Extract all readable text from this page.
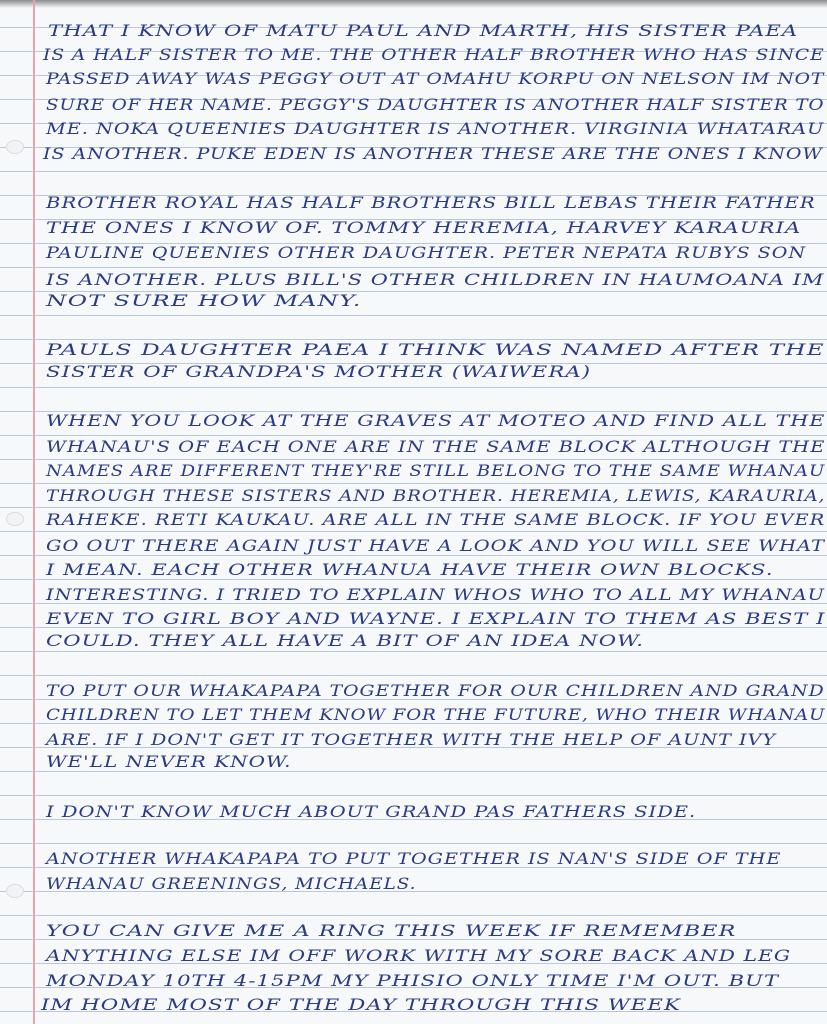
THAT I KNOW OF MATU PAUL AND MARTH, HIS SISTER PAEA
IS A HALF SISTER TO ME. THE OTHER HALF BROTHER WHO HAS SINCE
PASSED AWAY WAS PEGGY OUT AT OMAHU KORPU ON NELSON IM NOT
SURE OF HER NAME. PEGGY'S DAUGHTER IS ANOTHER HALF SISTER TO
ME. NOKA QUEENIES DAUGHTER IS ANOTHER. VIRGINIA WHATARAU
IS ANOTHER. PUKE EDEN IS ANOTHER THESE ARE THE ONES I KNOW
BROTHER ROYAL HAS HALF BROTHERS BILL LEBAS THEIR FATHER
THE ONES I KNOW OF. TOMMY HEREMIA, HARVEY KARAURIA
PAULINE QUEENIES OTHER DAUGHTER. PETER NEPATA RUBYS SON
IS ANOTHER. PLUS BILL'S OTHER CHILDREN IN HAUMOANA IM
NOT SURE HOW MANY.
PAULS DAUGHTER PAEA I THINK WAS NAMED AFTER THE
SISTER OF GRANDPA'S MOTHER (WAIWERA)
WHEN YOU LOOK AT THE GRAVES AT MOTEO AND FIND ALL THE
WHANAU'S OF EACH ONE ARE IN THE SAME BLOCK ALTHOUGH THE
NAMES ARE DIFFERENT THEY'RE STILL BELONG TO THE SAME WHANAU
THROUGH THESE SISTERS AND BROTHER. HEREMIA, LEWIS, KARAURIA,
RAHEKE. RETI KAUKAU. ARE ALL IN THE SAME BLOCK. IF YOU EVER
GO OUT THERE AGAIN JUST HAVE A LOOK AND YOU WILL SEE WHAT
I MEAN. EACH OTHER WHANUA HAVE THEIR OWN BLOCKS.
INTERESTING. I TRIED TO EXPLAIN WHOS WHO TO ALL MY WHANAU
EVEN TO GIRL BOY AND WAYNE. I EXPLAIN TO THEM AS BEST I
COULD. THEY ALL HAVE A BIT OF AN IDEA NOW.
TO PUT OUR WHAKAPAPA TOGETHER FOR OUR CHILDREN AND GRAND
CHILDREN TO LET THEM KNOW FOR THE FUTURE, WHO THEIR WHANAU
ARE. IF I DON'T GET IT TOGETHER WITH THE HELP OF AUNT IVY
WE'LL NEVER KNOW.
I DON'T KNOW MUCH ABOUT GRAND PAS FATHERS SIDE.
ANOTHER WHAKAPAPA TO PUT TOGETHER IS NAN'S SIDE OF THE
WHANAU GREENINGS, MICHAELS.
YOU CAN GIVE ME A RING THIS WEEK IF REMEMBER
ANYTHING ELSE IM OFF WORK WITH MY SORE BACK AND LEG
MONDAY 10TH 4-15PM MY PHISIO ONLY TIME I'M OUT. BUT
IM HOME MOST OF THE DAY THROUGH THIS WEEK
